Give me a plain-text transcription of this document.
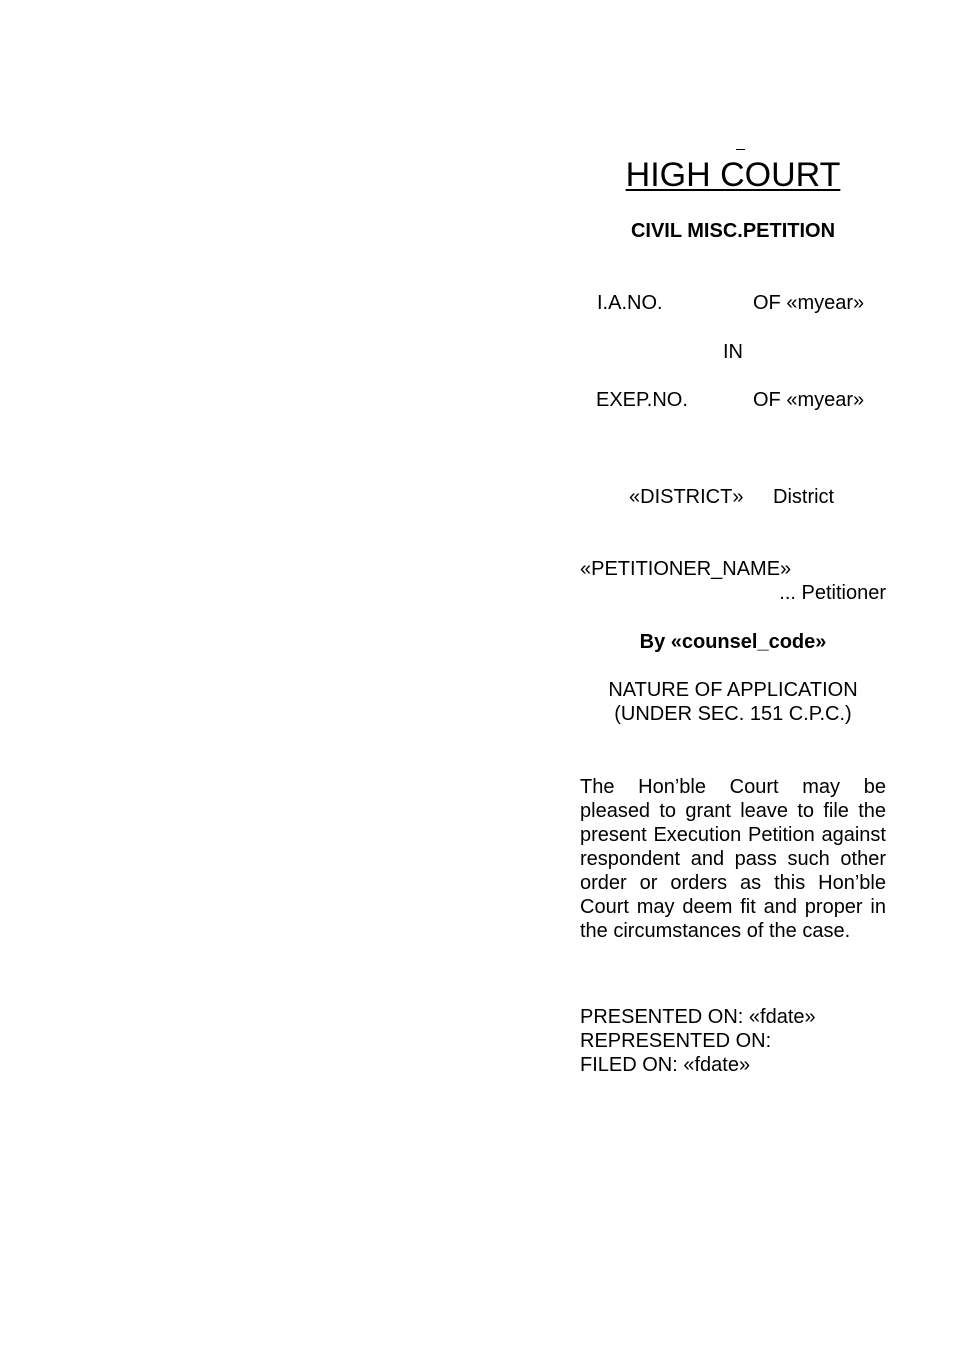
HIGH COURT
CIVIL MISC.PETITION
I.A.NO.	OF «myear»
IN
EXEP.NO.	OF «myear»
«DISTRICT» District
«PETITIONER_NAME»
... Petitioner
By «counsel_code»
NATURE OF APPLICATION
(UNDER SEC. 151 C.P.C.)
The Hon’ble Court may be pleased to grant leave to file the present Execution Petition against respondent and pass such other order or orders as this Hon’ble Court may deem fit and proper in the circumstances of the case.
PRESENTED ON: «fdate»
REPRESENTED ON:
FILED ON: «fdate»
